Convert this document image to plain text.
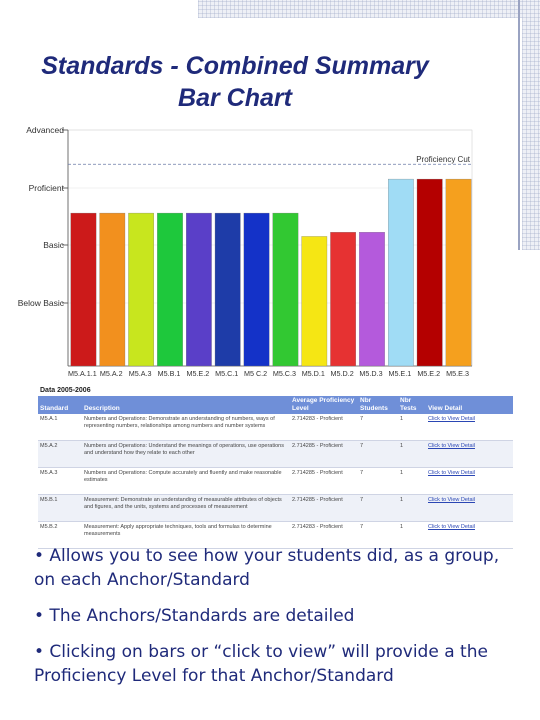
Standards - Combined Summary
Bar Chart
Advanced
Proficient
Basic
Below Basic
M5.A.1.1 M5.A.2 M5.A.3 M5.B.1 M5.E.2 M5.C.1 M5 C.2 M5.C.3 M5.D.1 M5.D.2 M5.D.3 M5.E.1 M5.E.2 M5.E.3
Proficiency Cut
Data 2005-2006
Standard	Description	Average Proficiency Level	Nbr Students	Nbr Tests	View Detail
M5.A.1	Numbers and Operations: Demonstrate an understanding of numbers, ways of representing numbers, relationships among numbers and number systems	2.714283 - Proficient	7	1	Click to View Detail
M5.A.2	Numbers and Operations: Understand the meanings of operations, use operations and understand how they relate to each other	2.714285 - Proficient	7	1	Click to View Detail
M5.A.3	Numbers and Operations: Compute accurately and fluently and make reasonable estimates	2.714285 - Proficient	7	1	Click to View Detail
M5.B.1	Measurement: Demonstrate an understanding of measurable attributes of objects and figures, and the units, systems and processes of measurement	2.714285 - Proficient	7	1	Click to View Detail
M5.B.2	Measurement: Apply appropriate techniques, tools and formulas to determine measurements	2.714283 - Proficient	7	1	Click to View Detail

• Allows you to see how your students did, as a group, on each Anchor/Standard

• The Anchors/Standards are detailed

• Clicking on bars or “click to view” will provide a the Proficiency Level for that Anchor/Standard
